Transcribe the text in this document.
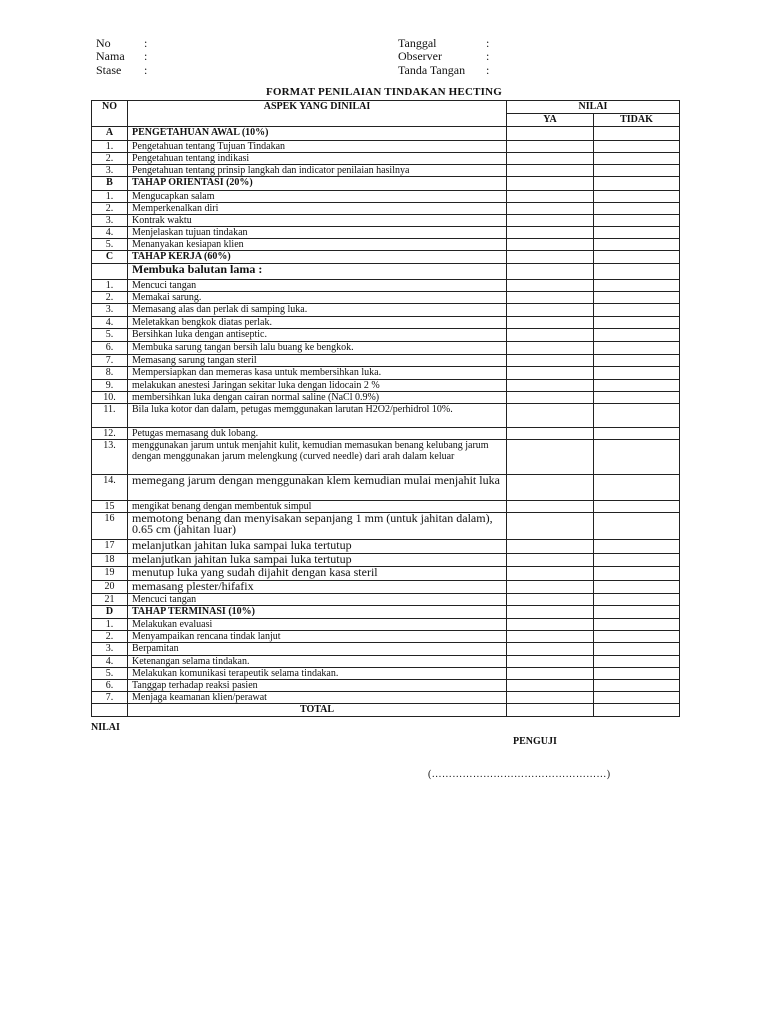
No	:
Nama	:
Stase	:
Tanggal	:
Observer	:
Tanda Tangan	:
FORMAT PENILAIAN TINDAKAN HECTING
NO	ASPEK YANG DINILAI	NILAI	
		YA	TIDAK
A	PENGETAHUAN AWAL (10%)		
1.	Pengetahuan tentang Tujuan Tindakan		
2.	Pengetahuan tentang indikasi		
3.	Pengetahuan tentang prinsip langkah dan indicator penilaian hasilnya		
B	TAHAP ORIENTASI (20%)		
1.	Mengucapkan salam		
2.	Memperkenalkan diri		
3.	Kontrak waktu		
4.	Menjelaskan tujuan tindakan		
5.	Menanyakan kesiapan klien		
C	TAHAP KERJA (60%)		
	Membuka balutan lama :		
1.	Mencuci tangan		
2.	Memakai sarung.		
3.	Memasang alas dan perlak di samping luka.		
4.	Meletakkan bengkok diatas perlak.		
5.	Bersihkan luka dengan antiseptic.		
6.	Membuka sarung tangan bersih lalu buang ke bengkok.		
7.	Memasang sarung tangan steril		
8.	Mempersiapkan dan memeras kasa untuk membersihkan luka.		
9.	melakukan anestesi Jaringan sekitar luka dengan lidocain 2 %		
10.	membersihkan luka dengan cairan normal saline (NaCl 0.9%)		
11.	Bila luka kotor dan dalam, petugas memggunakan larutan H2O2/perhidrol 10%.		
12.	Petugas memasang duk lobang.		
13.	menggunakan jarum untuk menjahit kulit, kemudian memasukan benang kelubang jarum dengan menggunakan jarum melengkung (curved needle) dari arah dalam keluar		
14.	memegang jarum dengan menggunakan klem kemudian mulai menjahit luka		
15	mengikat benang dengan membentuk simpul		
16	memotong benang dan menyisakan sepanjang 1 mm (untuk jahitan dalam), 0.65 cm (jahitan luar)		
17	melanjutkan jahitan luka sampai luka tertutup		
18	melanjutkan jahitan luka sampai luka tertutup		
19	menutup luka yang sudah dijahit dengan kasa steril		
20	memasang plester/hifafix		
21	Mencuci tangan		
D	TAHAP TERMINASI (10%)		
1.	Melakukan evaluasi		
2.	Menyampaikan rencana tindak lanjut		
3.	Berpamitan		
4.	Ketenangan selama tindakan.		
5.	Melakukan komunikasi terapeutik selama tindakan.		
6.	Tanggap terhadap reaksi pasien		
7.	Menjaga keamanan klien/perawat		
	TOTAL		
NILAI
PENGUJI
(……………………………………………)
